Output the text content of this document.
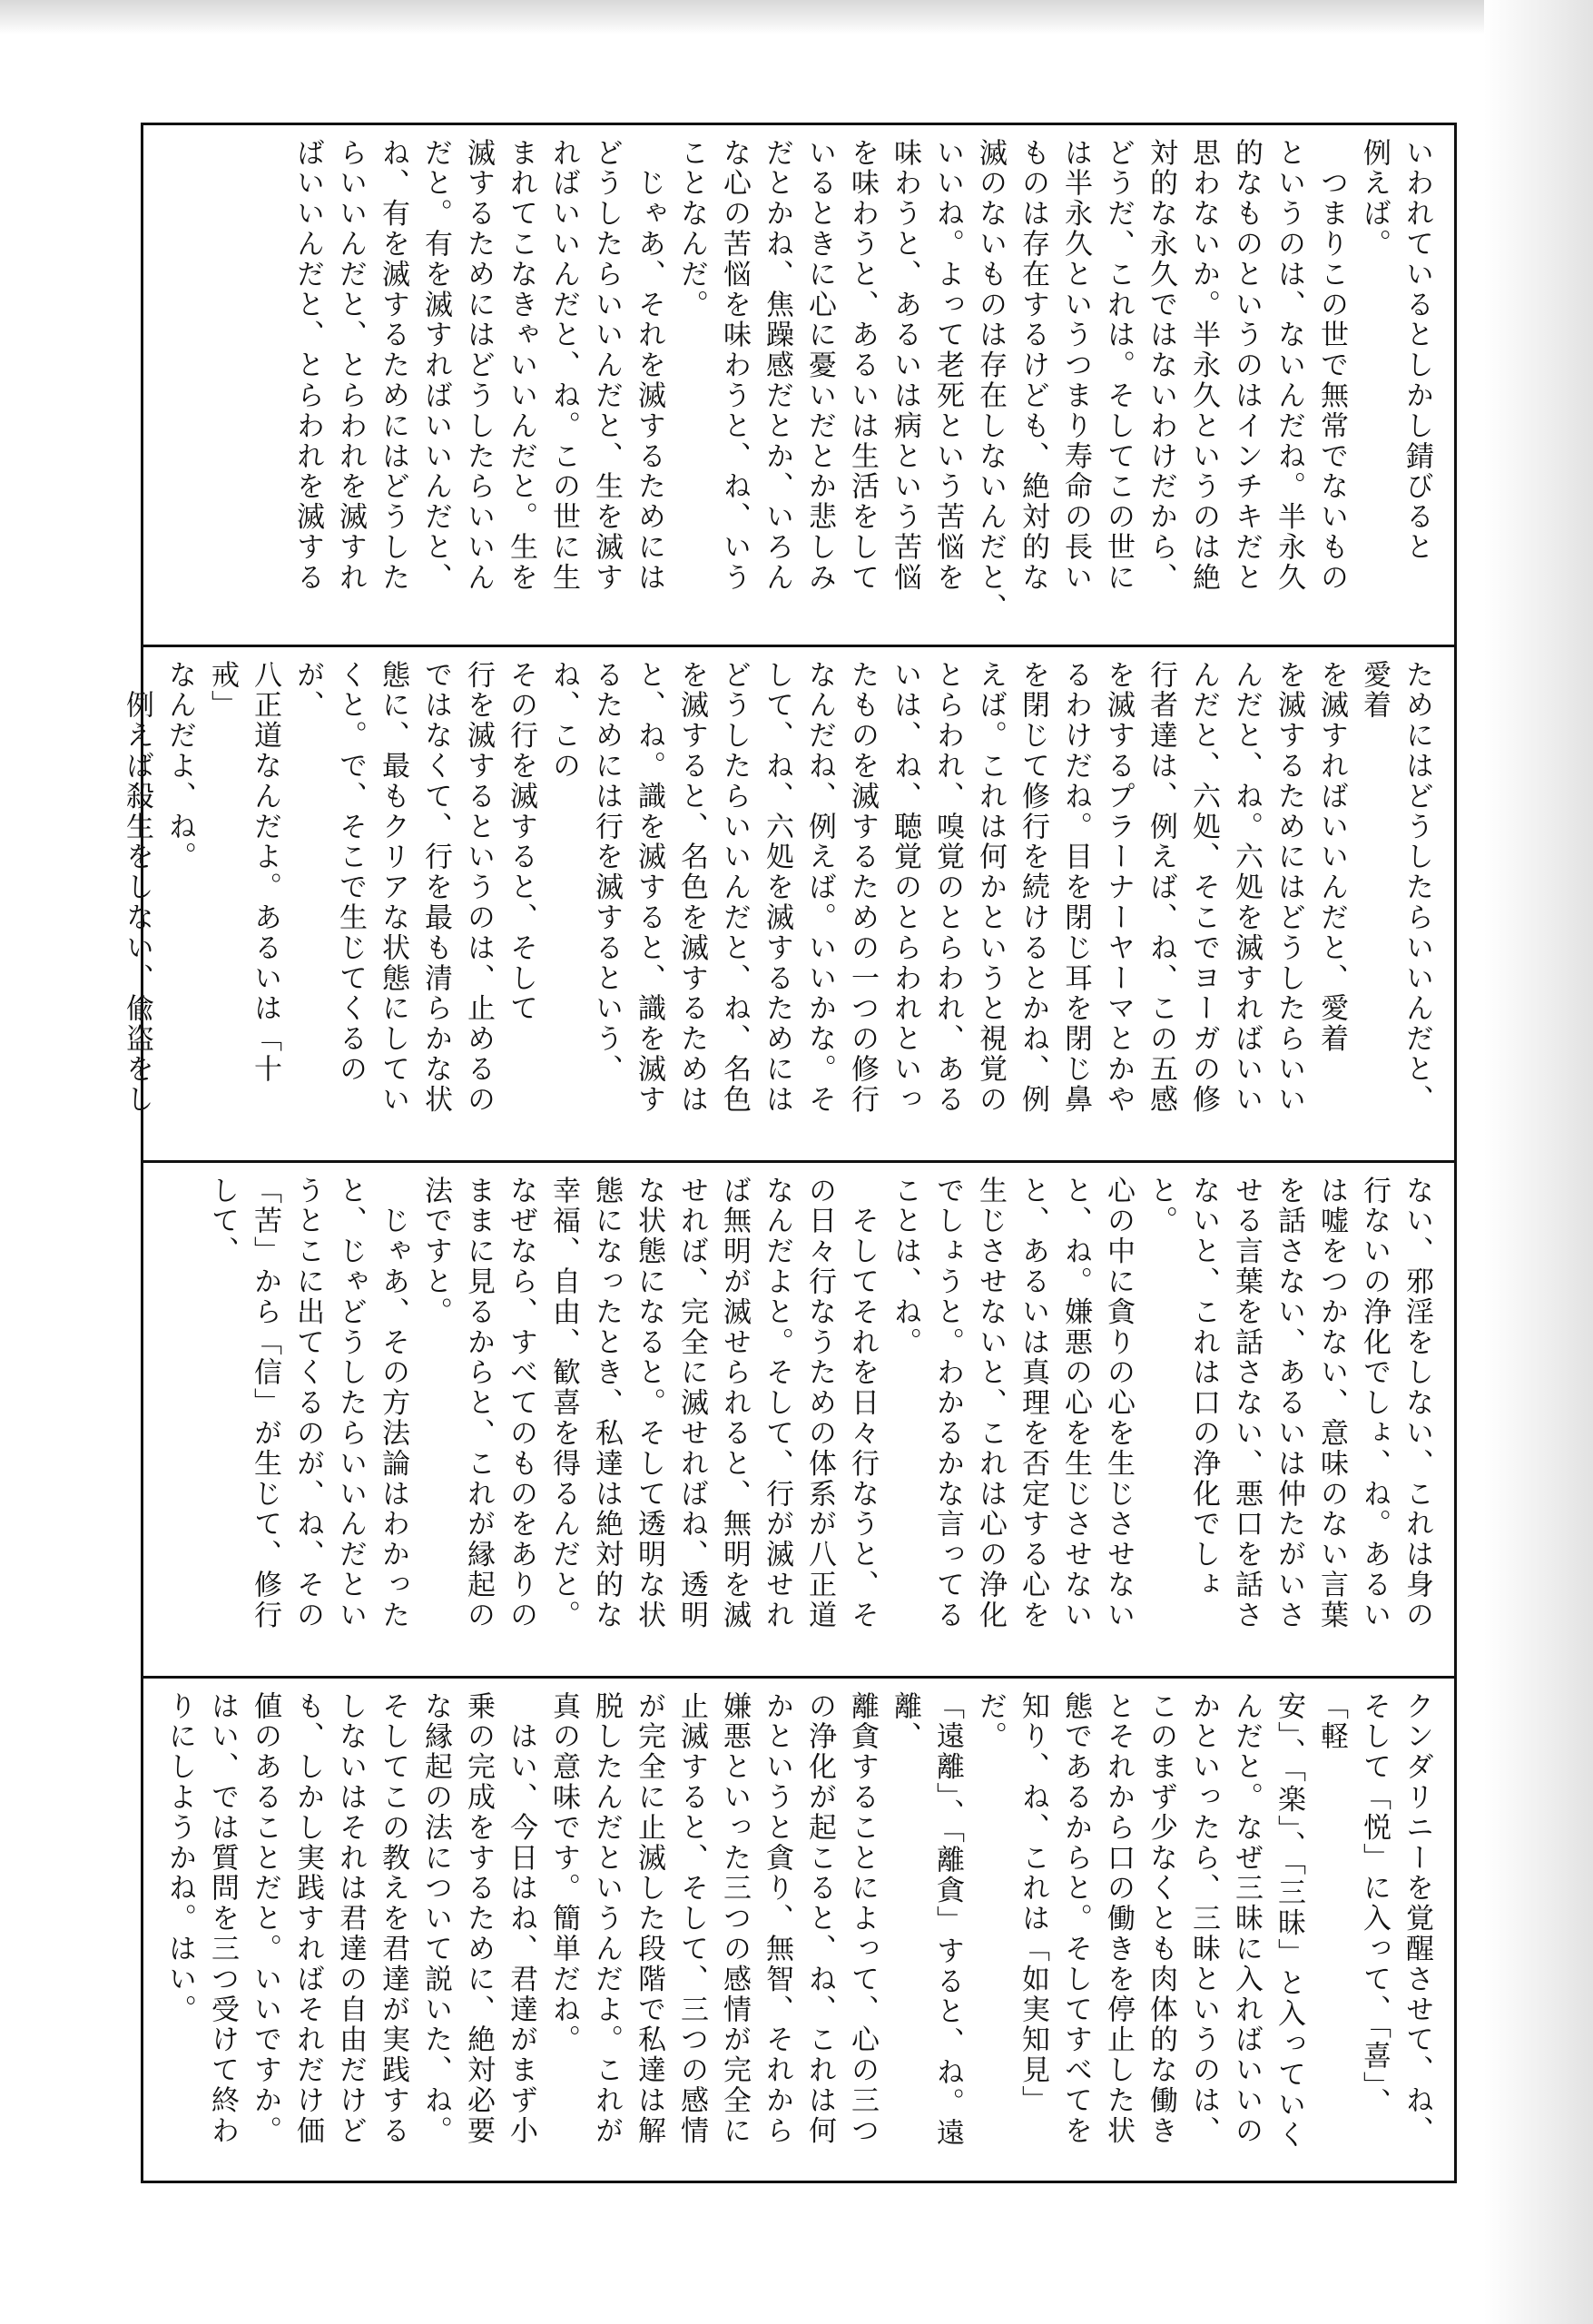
いわれているとしかし錆びると
例えば。
　つまりこの世で無常でないもの
というのは、ないんだね。半永久
的なものというのはインチキだと
思わないか。半永久というのは絶
対的な永久ではないわけだから、
どうだ、これは。そしてこの世に
は半永久というつまり寿命の長い
ものは存在するけども、絶対的な
滅のないものは存在しないんだと、
いいね。よって老死という苦悩を
味わうと、あるいは病という苦悩
を味わうと、あるいは生活をして
いるときに心に憂いだとか悲しみ
だとかね、焦躁感だとか、いろん
な心の苦悩を味わうと、ね、いう
ことなんだ。
　じゃあ、それを滅するためには
どうしたらいいんだと、生を滅す
ればいいんだと、ね。この世に生
まれてこなきゃいいんだと。生を
滅するためにはどうしたらいいん
だと。有を滅すればいいんだと、
ね、有を滅するためにはどうした
らいいんだと、とらわれを滅すれ
ばいいんだと、とらわれを滅する
ためにはどうしたらいいんだと、愛着
を滅すればいいんだと、愛着
を滅するためにはどうしたらいい
んだと、ね。六処を滅すればいい
んだと、六処、そこでヨーガの修
行者達は、例えば、ね、この五感
を滅するプラーナーヤーマとかや
るわけだね。目を閉じ耳を閉じ鼻
を閉じて修行を続けるとかね、例
えば。これは何かというと視覚の
とらわれ、嗅覚のとらわれ、ある
いは、ね、聴覚のとらわれといっ
たものを滅するための一つの修行
なんだね、例えば。いいかな。そ
して、ね、六処を滅するためには
どうしたらいいんだと、ね、名色
を滅すると、名色を滅するためは
と、ね。識を滅すると、識を滅す
るためには行を滅するという、ね、この
その行を滅すると、そして
行を滅するというのは、止めるの
ではなくて、行を最も清らかな状
態に、最もクリアな状態にしてい
くと。で、そこで生じてくるのが、
八正道なんだよ。あるいは「十戒」
なんだよ、ね。
　例えば殺生をしない、偸盗をし
ない、邪淫をしない、これは身の
行ないの浄化でしょ、ね。あるい
は嘘をつかない、意味のない言葉
を話さない、あるいは仲たがいさ
せる言葉を話さない、悪口を話さ
ないと、これは口の浄化でしょと。
心の中に貪りの心を生じさせない
と、ね。嫌悪の心を生じさせない
と、あるいは真理を否定する心を
生じさせないと、これは心の浄化
でしょうと。わかるかな言ってる
ことは、ね。
　そしてそれを日々行なうと、そ
の日々行なうための体系が八正道
なんだよと。そして、行が滅せれ
ば無明が滅せられると、無明を滅
せれば、完全に滅せればね、透明
な状態になると。そして透明な状
態になったとき、私達は絶対的な
幸福、自由、歓喜を得るんだと。
なぜなら、すべてのものをありの
ままに見るからと、これが縁起の
法ですと。
　じゃあ、その方法論はわかった
と、じゃどうしたらいいんだとい
うとこに出てくるのが、ね、その
「苦」から「信」が生じて、修行して、
クンダリニーを覚醒させて、ね、
そして「悦」に入って、「喜」、「軽
安」、「楽」、「三昧」と入っていく
んだと。なぜ三昧に入ればいいの
かといったら、三昧というのは、
このまず少なくとも肉体的な働き
とそれから口の働きを停止した状
態であるからと。そしてすべてを
知り、ね、これは「如実知見」だ。
「遠離」、「離貪」すると、ね。遠離、
離貪することによって、心の三つ
の浄化が起こると、ね、これは何
かというと貪り、無智、それから
嫌悪といった三つの感情が完全に
止滅すると、そして、三つの感情
が完全に止滅した段階で私達は解
脱したんだというんだよ。これが
真の意味です。簡単だね。
　はい、今日はね、君達がまず小
乗の完成をするために、絶対必要
な縁起の法について説いた、ね。
そしてこの教えを君達が実践する
しないはそれは君達の自由だけど
も、しかし実践すればそれだけ価
値のあることだと。いいですか。
はい、では質問を三つ受けて終わ
りにしようかね。はい。
